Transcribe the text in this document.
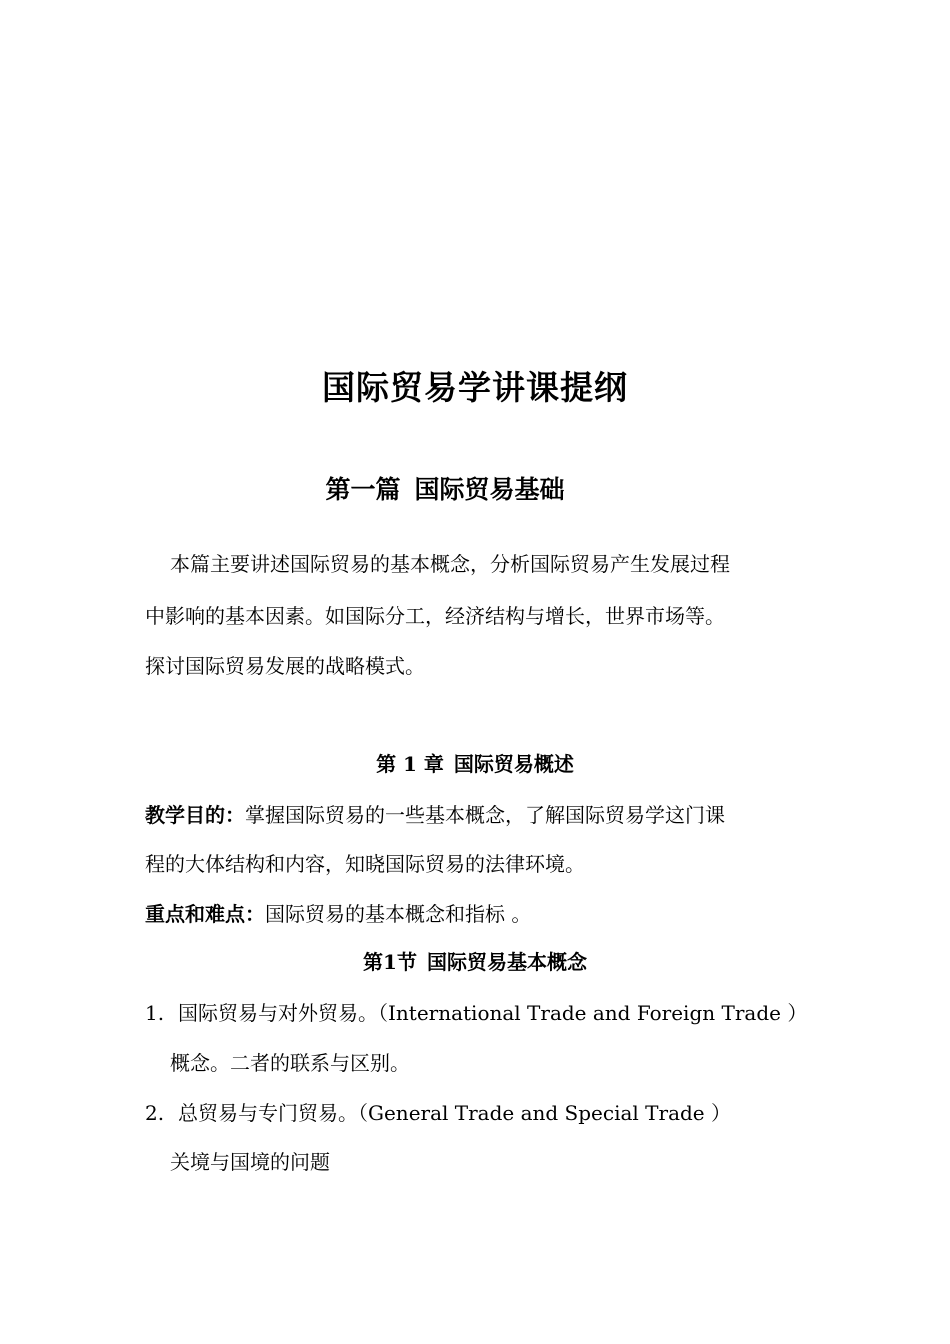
国际贸易学讲课提纲
第一篇 国际贸易基础
本篇主要讲述国际贸易的基本概念，分析国际贸易产生发展过程
中影响的基本因素。如国际分工，经济结构与增长，世界市场等。
探讨国际贸易发展的战略模式。
第 1 章 国际贸易概述
教学目的：掌握国际贸易的一些基本概念，了解国际贸易学这门课
程的大体结构和内容，知晓国际贸易的法律环境。
重点和难点：国际贸易的基本概念和指标 。
第1节 国际贸易基本概念
1. 国际贸易与对外贸易。（International Trade and Foreign Trade ）
概念。二者的联系与区别。
2. 总贸易与专门贸易。（General Trade and Special Trade ）
关境与国境的问题
